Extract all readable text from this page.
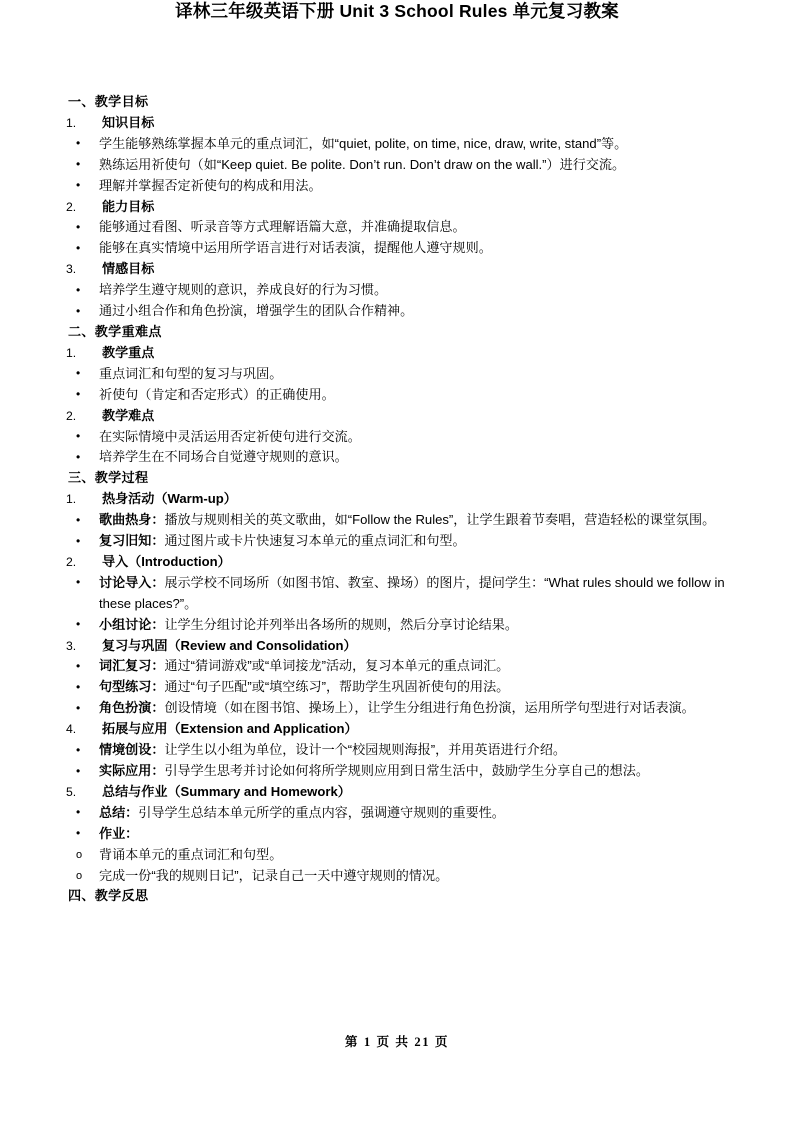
译林三年级英语下册 Unit 3 School Rules 单元复习教案
一、教学目标
1.	知识目标
• 学生能够熟练掌握本单元的重点词汇，如“quiet, polite, on time, nice, draw, write, stand”等。
• 熟练运用祈使句（如“Keep quiet. Be polite. Don’t run. Don’t draw on the wall.”）进行交流。
• 理解并掌握否定祈使句的构成和用法。
2.	能力目标
• 能够通过看图、听录音等方式理解语篇大意，并准确提取信息。
• 能够在真实情境中运用所学语言进行对话表演，提醒他人遵守规则。
3.	情感目标
• 培养学生遵守规则的意识，养成良好的行为习惯。
• 通过小组合作和角色扮演，增强学生的团队合作精神。
二、教学重难点
1.	教学重点
• 重点词汇和句型的复习与巩固。
• 祈使句（肯定和否定形式）的正确使用。
2.	教学难点
• 在实际情境中灵活运用否定祈使句进行交流。
• 培养学生在不同场合自觉遵守规则的意识。
三、教学过程
1.	热身活动（Warm-up）
• 歌曲热身：播放与规则相关的英文歌曲，如“Follow the Rules”，让学生跟着节奏唱，营造轻松的课堂氛围。
• 复习旧知：通过图片或卡片快速复习本单元的重点词汇和句型。
2.	导入（Introduction）
• 讨论导入：展示学校不同场所（如图书馆、教室、操场）的图片，提问学生：“What rules should we follow in these places?”。
• 小组讨论：让学生分组讨论并列举出各场所的规则，然后分享讨论结果。
3.	复习与巩固（Review and Consolidation）
• 词汇复习：通过“猜词游戏”或“单词接龙”活动，复习本单元的重点词汇。
• 句型练习：通过“句子匹配”或“填空练习”，帮助学生巩固祈使句的用法。
• 角色扮演：创设情境（如在图书馆、操场上），让学生分组进行角色扮演，运用所学句型进行对话表演。
4.	拓展与应用（Extension and Application）
• 情境创设：让学生以小组为单位，设计一个“校园规则海报”，并用英语进行介绍。
• 实际应用：引导学生思考并讨论如何将所学规则应用到日常生活中，鼓励学生分享自己的想法。
5.	总结与作业（Summary and Homework）
• 总结：引导学生总结本单元所学的重点内容，强调遵守规则的重要性。
• 作业：
o 背诵本单元的重点词汇和句型。
o 完成一份“我的规则日记”，记录自己一天中遵守规则的情况。
四、教学反思
第 1 页 共 21 页
